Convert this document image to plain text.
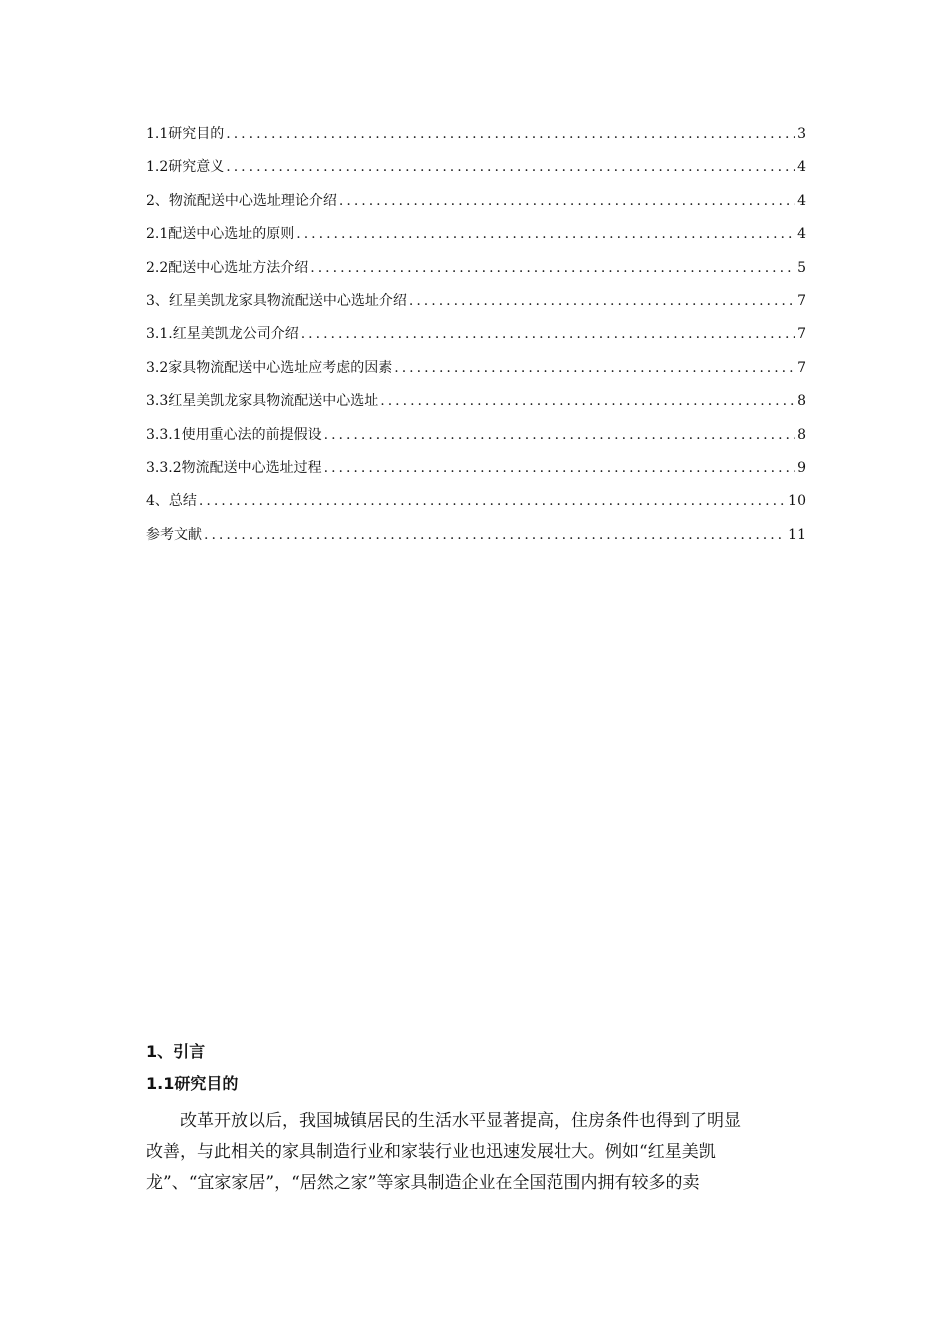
1.1研究目的 .....	3
1.2研究意义 .....	4
2、物流配送中心选址理论介绍 .....	4
2.1配送中心选址的原则 .....	4
2.2配送中心选址方法介绍 .....	5
3、红星美凯龙家具物流配送中心选址介绍 .....	7
3.1.红星美凯龙公司介绍 .....	7
3.2家具物流配送中心选址应考虑的因素 .....	7
3.3红星美凯龙家具物流配送中心选址 .....	8
3.3.1使用重心法的前提假设 .....	8
3.3.2物流配送中心选址过程 .....	9
4、总结 .....	10
参考文献 .....	11
1、引言
1.1研究目的
改革开放以后，我国城镇居民的生活水平显著提高，住房条件也得到了明显
改善，与此相关的家具制造行业和家装行业也迅速发展壮大。例如“红星美凯
龙”、“宜家家居”，“居然之家”等家具制造企业在全国范围内拥有较多的卖
